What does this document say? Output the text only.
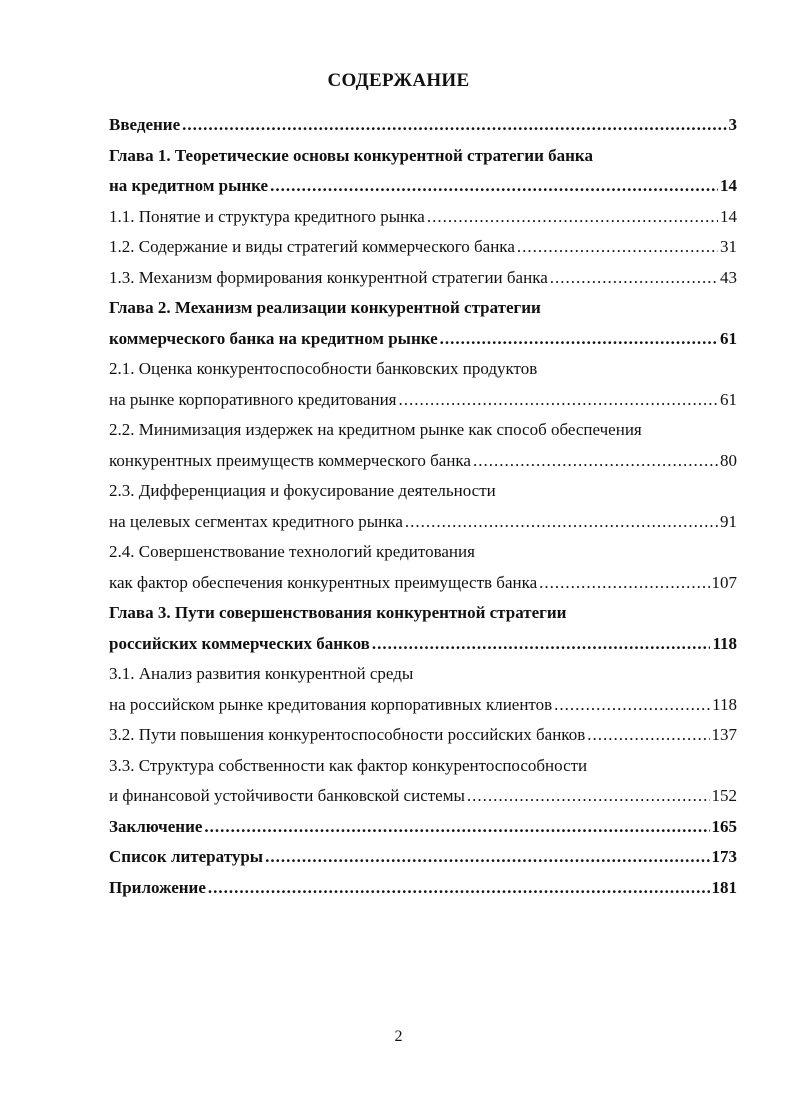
СОДЕРЖАНИЕ
Введение .....	3
Глава 1. Теоретические основы конкурентной стратегии банка
на кредитном рынке .....	14
1.1. Понятие и структура кредитного рынка .....	14
1.2. Содержание и виды стратегий коммерческого банка .....	31
1.3. Механизм формирования конкурентной стратегии банка .....	43
Глава 2. Механизм реализации конкурентной стратегии
коммерческого банка на кредитном рынке .....	61
2.1. Оценка конкурентоспособности банковских продуктов
на рынке корпоративного кредитования .....	61
2.2. Минимизация издержек на кредитном рынке как способ обеспечения
конкурентных преимуществ коммерческого банка .....	80
2.3. Дифференциация и фокусирование деятельности
на целевых сегментах кредитного рынка .....	91
2.4. Совершенствование технологий кредитования
как фактор обеспечения конкурентных преимуществ банка .....	107
Глава 3. Пути совершенствования конкурентной стратегии
российских коммерческих банков .....	118
3.1. Анализ развития конкурентной среды
на российском рынке кредитования корпоративных клиентов .....	118
3.2. Пути повышения конкурентоспособности российских банков .....	137
3.3. Структура собственности как фактор конкурентоспособности
и финансовой устойчивости банковской системы .....	152
Заключение .....	165
Список литературы .....	173
Приложение .....	181
2
